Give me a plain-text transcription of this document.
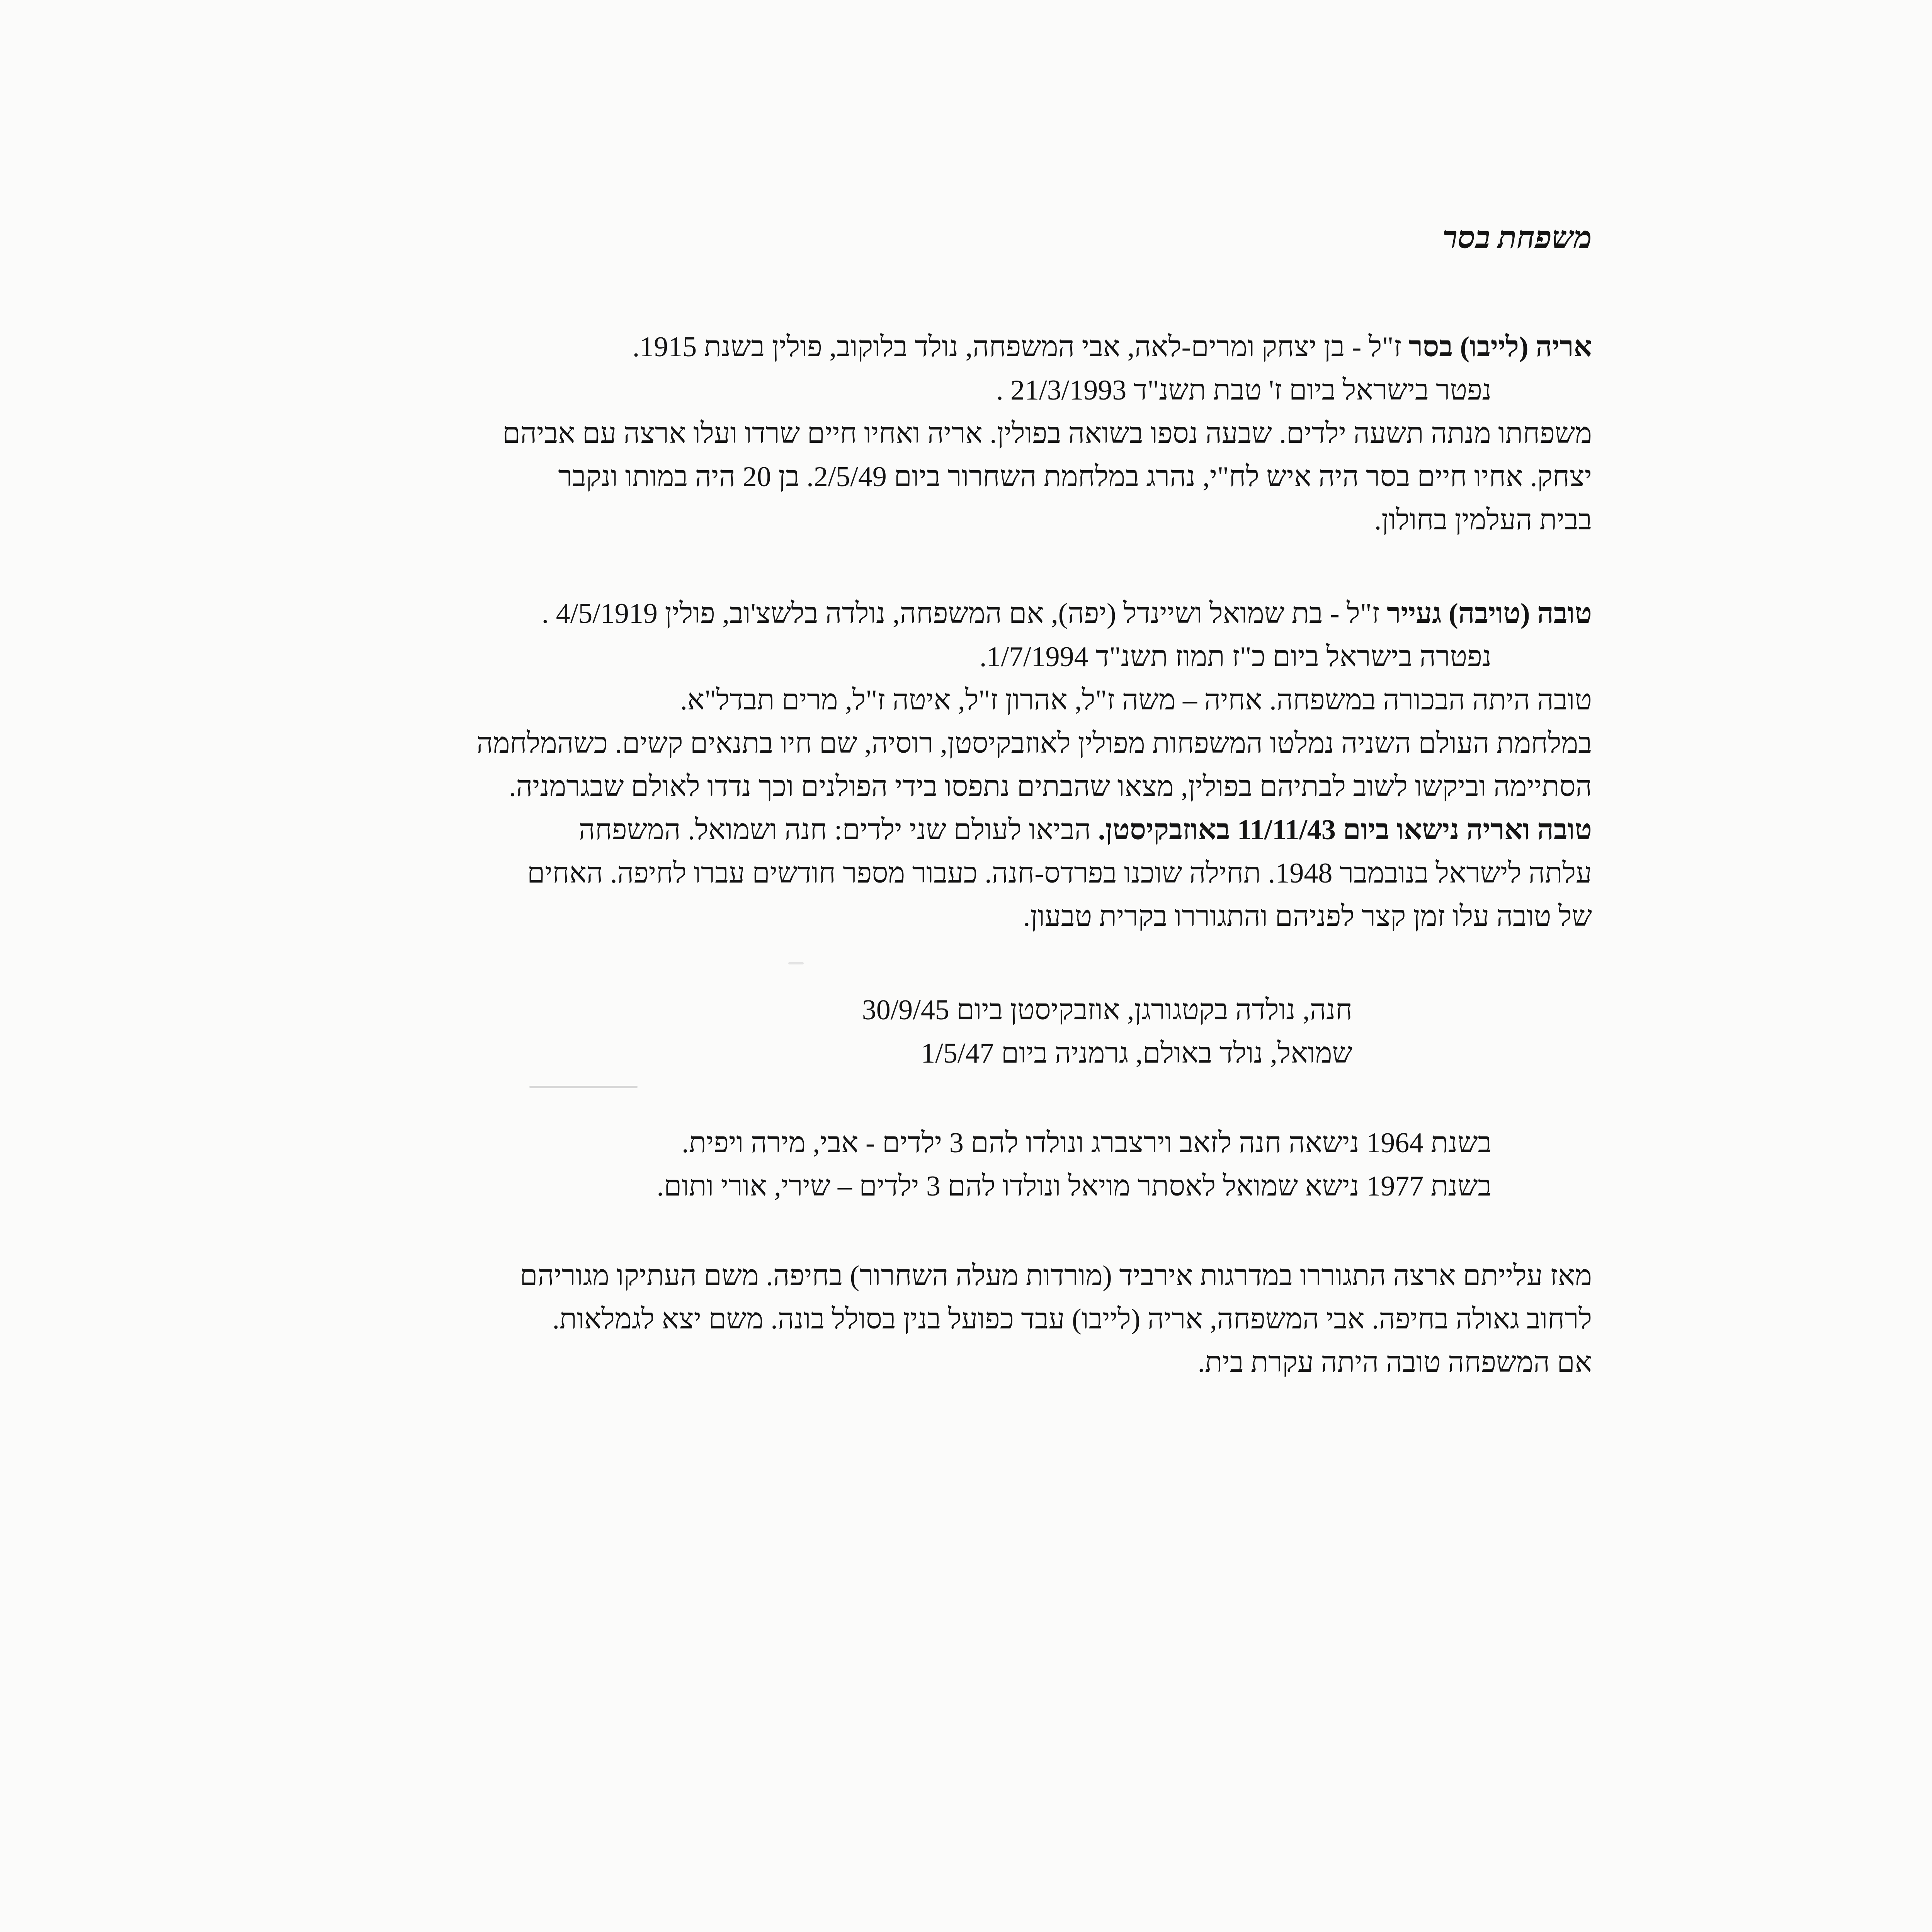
משפחת בסר
אריה (לייבו) בסר ז"ל - בן יצחק ומרים-לאה, אבי המשפחה, נולד בלוקוב, פולין בשנת 1915.
נפטר בישראל ביום ז' טבת תשנ"ד 21/3/1993 .
משפחתו מנתה תשעה ילדים. שבעה נספו בשואה בפולין. אריה ואחיו חיים שרדו ועלו ארצה עם אביהם
יצחק. אחיו חיים בסר היה איש לח"י, נהרג במלחמת השחרור ביום 2/5/49. בן 20 היה במותו ונקבר
בבית העלמין בחולון.
טובה (טויבה) געייר ז"ל - בת שמואל ושיינדל (יפה), אם המשפחה, נולדה בלשצ'וב, פולין 4/5/1919 .
נפטרה בישראל ביום כ"ז תמוז תשנ"ד 1/7/1994.
טובה היתה הבכורה במשפחה. אחיה – משה ז"ל, אהרון ז"ל, איטה ז"ל, מרים תבדל"א.
במלחמת העולם השניה נמלטו המשפחות מפולין לאוזבקיסטן, רוסיה, שם חיו בתנאים קשים. כשהמלחמה
הסתיימה וביקשו לשוב לבתיהם בפולין, מצאו שהבתים נתפסו בידי הפולנים וכך נדדו לאולם שבגרמניה.
טובה ואריה נישאו ביום 11/11/43 באוזבקיסטן. הביאו לעולם שני ילדים: חנה ושמואל. המשפחה
עלתה לישראל בנובמבר 1948. תחילה שוכנו בפרדס-חנה. כעבור מספר חודשים עברו לחיפה. האחים
של טובה עלו זמן קצר לפניהם והתגוררו בקרית טבעון.
חנה, נולדה בקטגורגן, אוזבקיסטן ביום 30/9/45
שמואל, נולד באולם, גרמניה ביום 1/5/47
בשנת 1964 נישאה חנה לזאב וירצברג ונולדו להם 3 ילדים - אבי, מירה ויפית.
בשנת 1977 נישא שמואל לאסתר מויאל ונולדו להם 3 ילדים – שירי, אורי ותום.
מאז עלייתם ארצה התגוררו במדרגות אירביד (מורדות מעלה השחרור) בחיפה. משם העתיקו מגוריהם
לרחוב גאולה בחיפה. אבי המשפחה, אריה (לייבו) עבד כפועל בנין בסולל בונה. משם יצא לגמלאות.
אם המשפחה טובה היתה עקרת בית.
